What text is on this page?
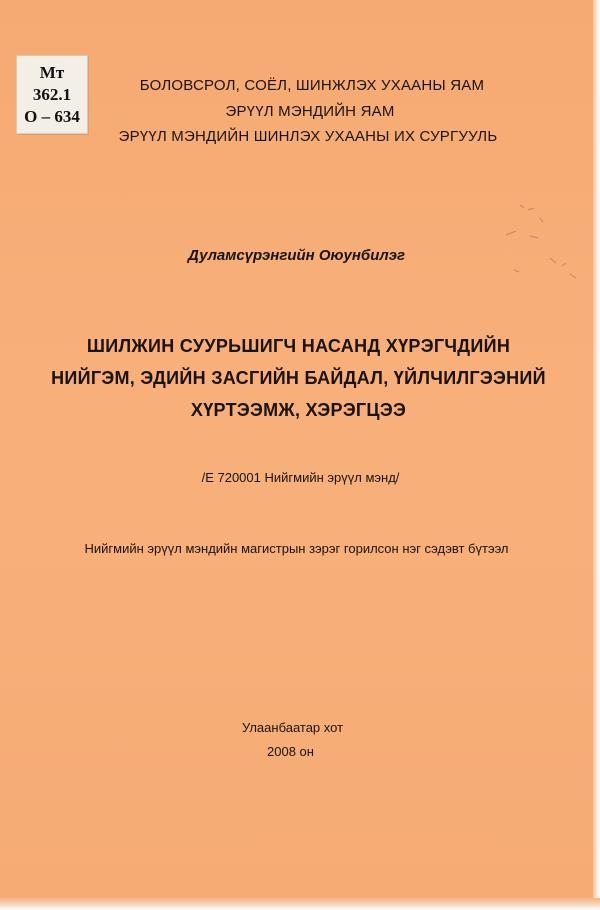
Мт
362.1
О – 634
БОЛОВСРОЛ, СОЁЛ, ШИНЖЛЭХ УХААНЫ ЯАМ
ЭРҮҮЛ МЭНДИЙН ЯАМ
ЭРҮҮЛ МЭНДИЙН ШИНЛЭХ УХААНЫ ИХ СУРГУУЛЬ
Дуламсүрэнгийн Оюунбилэг
ШИЛЖИН СУУРЬШИГЧ НАСАНД ХҮРЭГЧДИЙН
НИЙГЭМ, ЭДИЙН ЗАСГИЙН БАЙДАЛ, ҮЙЛЧИЛГЭЭНИЙ
ХҮРТЭЭМЖ, ХЭРЭГЦЭЭ
/Е 720001 Нийгмийн эрүүл мэнд/
Нийгмийн эрүүл мэндийн магистрын зэрэг горилсон нэг сэдэвт бүтээл
Улаанбаатар хот
2008 он
